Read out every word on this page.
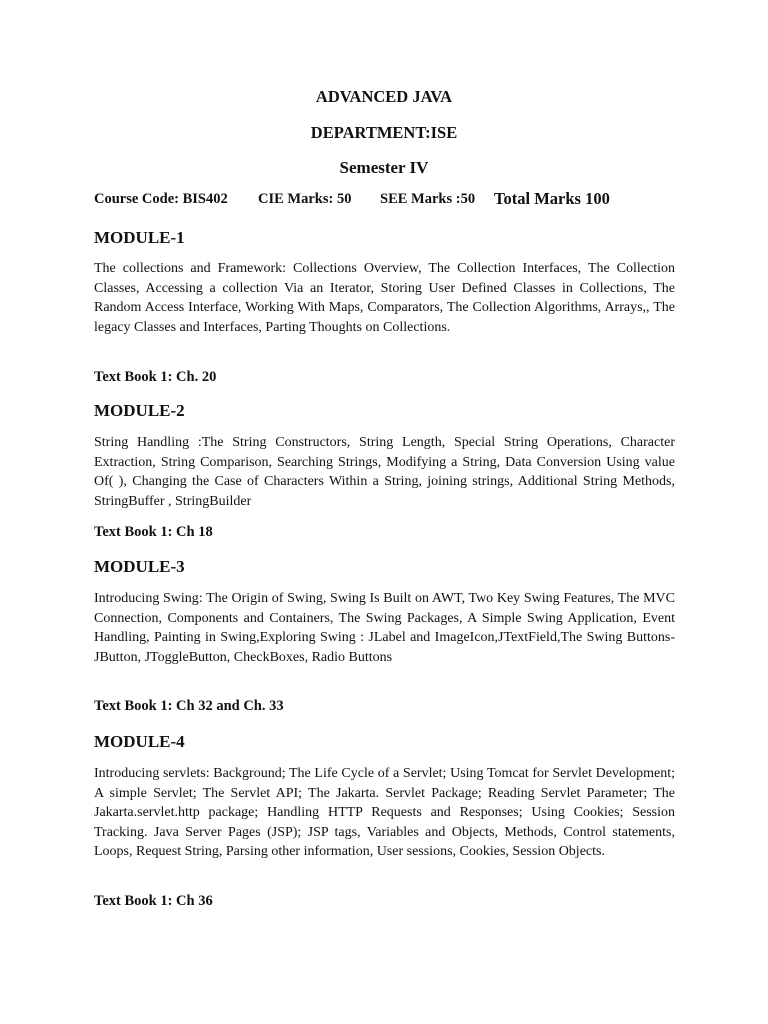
ADVANCED JAVA
DEPARTMENT:ISE
Semester IV
Course Code: BIS402 CIE Marks: 50 SEE Marks :50 Total Marks 100
MODULE-1

The collections and Framework: Collections Overview, The Collection Interfaces, The Collection Classes, Accessing a collection Via an Iterator, Storing User Defined Classes in Collections, The Random Access Interface, Working With Maps, Comparators, The Collection Algorithms, Arrays,, The legacy Classes and Interfaces, Parting Thoughts on Collections.

Text Book 1: Ch. 20
MODULE-2

String Handling :The String Constructors, String Length, Special String Operations, Character Extraction, String Comparison, Searching Strings, Modifying a String, Data Conversion Using value Of( ), Changing the Case of Characters Within a String, joining strings, Additional String Methods, StringBuffer , StringBuilder

Text Book 1: Ch 18
MODULE-3

Introducing Swing: The Origin of Swing, Swing Is Built on AWT, Two Key Swing Features, The MVC Connection, Components and Containers, The Swing Packages, A Simple Swing Application, Event Handling, Painting in Swing,Exploring Swing : JLabel and ImageIcon,JTextField,The Swing Buttons-JButton, JToggleButton, CheckBoxes, Radio Buttons

Text Book 1: Ch 32 and Ch. 33
MODULE-4

Introducing servlets: Background; The Life Cycle of a Servlet; Using Tomcat for Servlet Development; A simple Servlet; The Servlet API; The Jakarta. Servlet Package; Reading Servlet Parameter; The Jakarta.servlet.http package; Handling HTTP Requests and Responses; Using Cookies; Session Tracking. Java Server Pages (JSP); JSP tags, Variables and Objects, Methods, Control statements, Loops, Request String, Parsing other information, User sessions, Cookies, Session Objects.

Text Book 1: Ch 36
